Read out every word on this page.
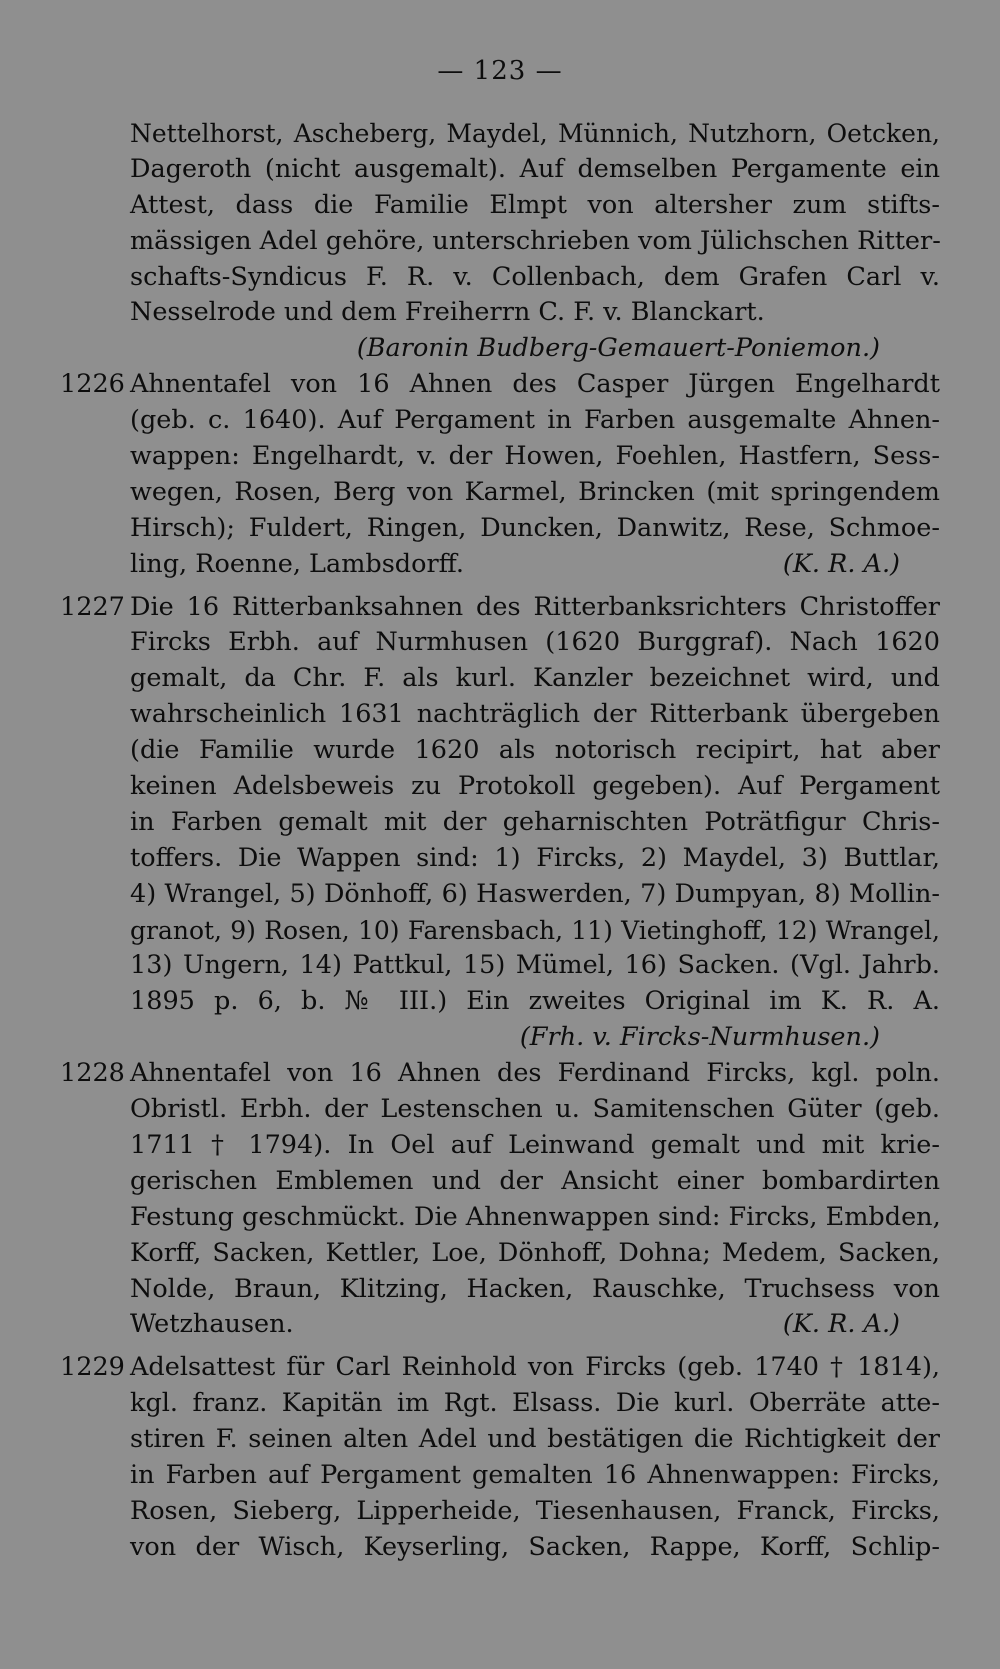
— 123 —
Nettelhorst, Ascheberg, Maydel, Münnich, Nutzhorn, Oetcken,
Dageroth (nicht ausgemalt). Auf demselben Pergamente ein
Attest, dass die Familie Elmpt von altersher zum stifts-
mässigen Adel gehöre, unterschrieben vom Jülichschen Ritter-
schafts-Syndicus F. R. v. Collenbach, dem Grafen Carl v.
Nesselrode und dem Freiherrn C. F. v. Blanckart.
(Baronin Budberg-Gemauert-Poniemon.)
1226 Ahnentafel von 16 Ahnen des Casper Jürgen Engelhardt
(geb. c. 1640). Auf Pergament in Farben ausgemalte Ahnen-
wappen: Engelhardt, v. der Howen, Foehlen, Hastfern, Sess-
wegen, Rosen, Berg von Karmel, Brincken (mit springendem
Hirsch); Fuldert, Ringen, Duncken, Danwitz, Rese, Schmoe-
ling, Roenne, Lambsdorff.	(K. R. A.)
1227 Die 16 Ritterbanksahnen des Ritterbanksrichters Christoffer
Fircks Erbh. auf Nurmhusen (1620 Burggraf). Nach 1620
gemalt, da Chr. F. als kurl. Kanzler bezeichnet wird, und
wahrscheinlich 1631 nachträglich der Ritterbank übergeben
(die Familie wurde 1620 als notorisch recipirt, hat aber
keinen Adelsbeweis zu Protokoll gegeben). Auf Pergament
in Farben gemalt mit der geharnischten Poträtfigur Chris-
toffers. Die Wappen sind: 1) Fircks, 2) Maydel, 3) Buttlar,
4) Wrangel, 5) Dönhoff, 6) Haswerden, 7) Dumpyan, 8) Mollin-
granot, 9) Rosen, 10) Farensbach, 11) Vietinghoff, 12) Wrangel,
13) Ungern, 14) Pattkul, 15) Mümel, 16) Sacken. (Vgl. Jahrb.
1895 p. 6, b. № III.) Ein zweites Original im K. R. A.
(Frh. v. Fircks-Nurmhusen.)
1228 Ahnentafel von 16 Ahnen des Ferdinand Fircks, kgl. poln.
Obristl. Erbh. der Lestenschen u. Samitenschen Güter (geb.
1711 † 1794). In Oel auf Leinwand gemalt und mit krie-
gerischen Emblemen und der Ansicht einer bombardirten
Festung geschmückt. Die Ahnenwappen sind: Fircks, Embden,
Korff, Sacken, Kettler, Loe, Dönhoff, Dohna; Medem, Sacken,
Nolde, Braun, Klitzing, Hacken, Rauschke, Truchsess von
Wetzhausen.	(K. R. A.)
1229 Adelsattest für Carl Reinhold von Fircks (geb. 1740 † 1814),
kgl. franz. Kapitän im Rgt. Elsass. Die kurl. Oberräte atte-
stiren F. seinen alten Adel und bestätigen die Richtigkeit der
in Farben auf Pergament gemalten 16 Ahnenwappen: Fircks,
Rosen, Sieberg, Lipperheide, Tiesenhausen, Franck, Fircks,
von der Wisch, Keyserling, Sacken, Rappe, Korff, Schlip-
